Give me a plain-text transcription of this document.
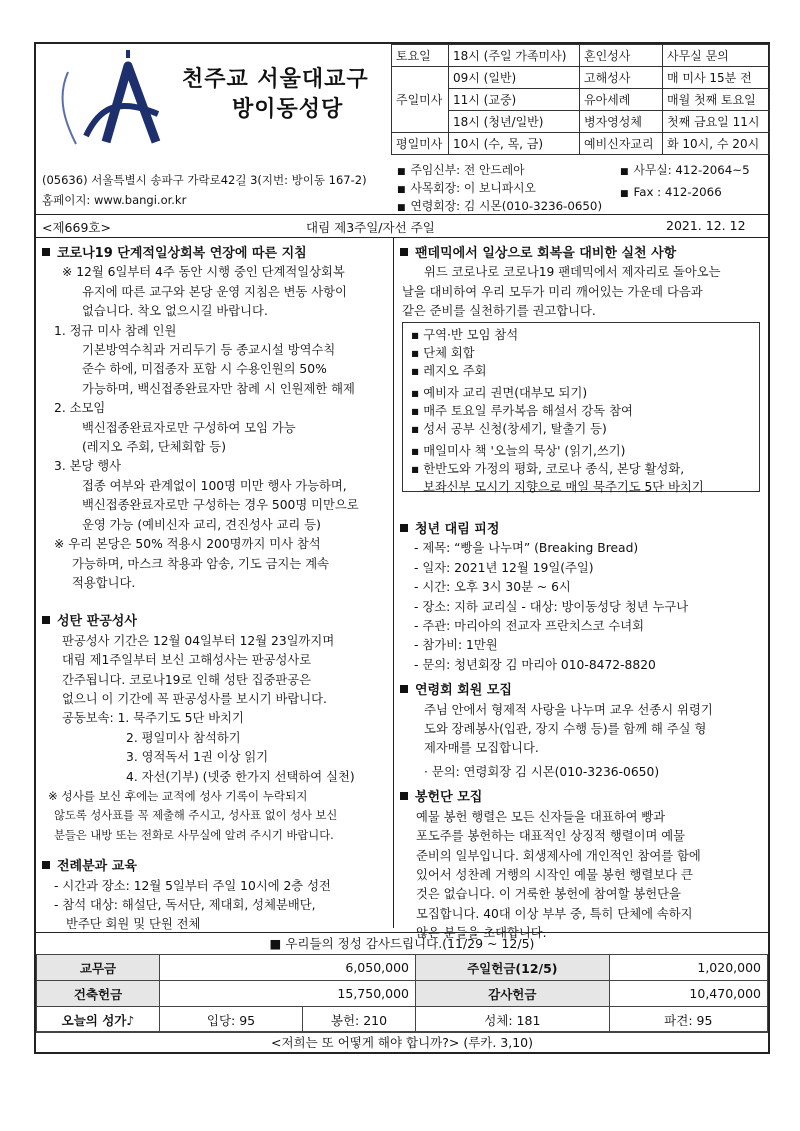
천주교 서울대교구
방이동성당
(05636) 서울특별시 송파구 가락로42길 3(지번: 방이동 167-2)
홈페이지: www.bangi.or.kr
토요일	18시 (주일 가족미사)	혼인성사	사무실 문의
주일미사	09시 (일반)	고해성사	매 미사 15분 전
	11시 (교중)	유아세례	매월 첫째 토요일
	18시 (청년/일반)	병자영성체	첫째 금요일 11시
평일미사	10시 (수, 목, 금)	예비신자교리	화 10시, 수 20시
■ 주임신부: 전 안드레아
■ 사목회장: 이 보니파시오
■ 연령회장: 김 시몬(010-3236-0650)
■ 사무실: 412-2064~5
■ Fax : 412-2066
<제669호>	대림 제3주일/자선 주일	2021. 12. 12
코로나19 단계적일상회복 연장에 따른 지침
※ 12월 6일부터 4주 동안 시행 중인 단계적일상회복
유지에 따른 교구와 본당 운영 지침은 변동 사항이
없습니다. 착오 없으시길 바랍니다.
1. 정규 미사 참례 인원
기본방역수칙과 거리두기 등 종교시설 방역수칙
준수 하에, 미접종자 포함 시 수용인원의 50%
가능하며, 백신접종완료자만 참례 시 인원제한 해제
2. 소모임
백신접종완료자로만 구성하여 모임 가능
(레지오 주회, 단체회합 등)
3. 본당 행사
접종 여부와 관계없이 100명 미만 행사 가능하며,
백신접종완료자로만 구성하는 경우 500명 미만으로
운영 가능 (예비신자 교리, 견진성사 교리 등)
※ 우리 본당은 50% 적용시 200명까지 미사 참석
가능하며, 마스크 착용과 암송, 기도 금지는 계속
적용합니다.
성탄 판공성사
판공성사 기간은 12월 04일부터 12월 23일까지며
대림 제1주일부터 보신 고해성사는 판공성사로
간주됩니다. 코로나19로 인해 성탄 집중판공은
없으니 이 기간에 꼭 판공성사를 보시기 바랍니다.
공동보속: 1. 묵주기도 5단 바치기
2. 평일미사 참석하기
3. 영적독서 1권 이상 읽기
4. 자선(기부) (넷중 한가지 선택하여 실천)
※ 성사를 보신 후에는 교적에 성사 기록이 누락되지
않도록 성사표를 꼭 제출해 주시고, 성사표 없이 성사 보신
분들은 내방 또는 전화로 사무실에 알려 주시기 바랍니다.
전례분과 교육
- 시간과 장소: 12월 5일부터 주일 10시에 2층 성전
- 참석 대상: 해설단, 독서단, 제대회, 성체분배단,
반주단 회원 및 단원 전체
팬데믹에서 일상으로 회복을 대비한 실천 사항
위드 코로나로 코로나19 팬데믹에서 제자리로 돌아오는
날을 대비하여 우리 모두가 미리 깨어있는 가운데 다음과
같은 준비를 실천하기를 권고합니다.
▪ 구역·반 모임 참석
▪ 단체 회합
▪ 레지오 주회
▪ 예비자 교리 권면(대부모 되기)
▪ 매주 토요일 루카복음 해설서 강독 참여
▪ 성서 공부 신청(창세기, 탈출기 등)
▪ 매일미사 책 '오늘의 묵상' (읽기,쓰기)
▪ 한반도와 가정의 평화, 코로나 종식, 본당 활성화,
보좌신부 모시기 지향으로 매일 묵주기도 5단 바치기
청년 대림 피정
- 제목: “빵을 나누며” (Breaking Bread)
- 일자: 2021년 12월 19일(주일)
- 시간: 오후 3시 30분 ~ 6시
- 장소: 지하 교리실 - 대상: 방이동성당 청년 누구나
- 주관: 마리아의 전교자 프란치스코 수녀회
- 참가비: 1만원
- 문의: 청년회장 김 마리아 010-8472-8820
연령회 회원 모집
주님 안에서 형제적 사랑을 나누며 교우 선종시 위령기
도와 장례봉사(입관, 장지 수행 등)를 함께 해 주실 형
제자매를 모집합니다.
· 문의: 연령회장 김 시몬(010-3236-0650)
봉헌단 모집
예물 봉헌 행렬은 모든 신자들을 대표하여 빵과
포도주를 봉헌하는 대표적인 상징적 행렬이며 예물
준비의 일부입니다. 회생제사에 개인적인 참여를 함에
있어서 성찬례 거행의 시작인 예물 봉헌 행렬보다 큰
것은 없습니다. 이 거룩한 봉헌에 참여할 봉헌단을
모집합니다. 40대 이상 부부 중, 특히 단체에 속하지
않은 분들을 초대합니다.
■ 우리들의 정성 감사드립니다.(11/29 ~ 12/5)
교무금	6,050,000		주일헌금(12/5)	1,020,000
건축헌금	15,750,000		감사헌금	10,470,000
오늘의 성가♪	입당: 95	봉헌: 210	성체: 181	파견: 95
<저희는 또 어떻게 해야 합니까?> (루카. 3,10)
